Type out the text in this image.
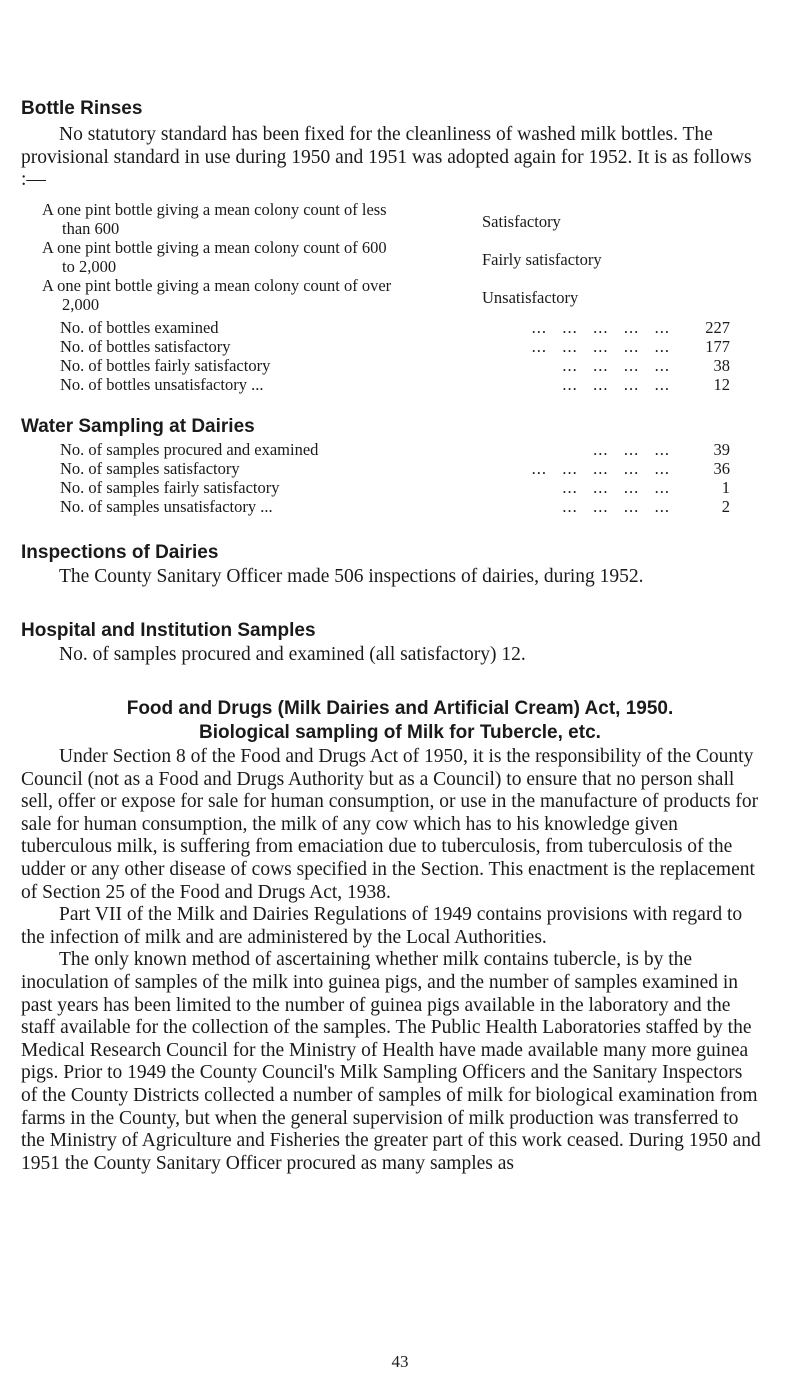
Bottle Rinses

No statutory standard has been fixed for the cleanliness of washed milk bottles. The provisional standard in use during 1950 and 1951 was adopted again for 1952. It is as follows :—

A one pint bottle giving a mean colony count of less
than 600	Satisfactory
A one pint bottle giving a mean colony count of 600
to 2,000	Fairly satisfactory
A one pint bottle giving a mean colony count of over
2,000	Unsatisfactory
No. of bottles examined	...   ...   ...   ...   ...	227
No. of bottles satisfactory	...   ...   ...   ...   ...	177
No. of bottles fairly satisfactory	...   ...   ...   ...	38
No. of bottles unsatisfactory ...	...   ...   ...   ...	12
Water Sampling at Dairies
No. of samples procured and examined	...   ...   ...	39
No. of samples satisfactory	...   ...   ...   ...   ...	36
No. of samples fairly satisfactory	...   ...   ...   ...	1
No. of samples unsatisfactory ...	...   ...   ...   ...	2
Inspections of Dairies

The County Sanitary Officer made 506 inspections of dairies, during 1952.

Hospital and Institution Samples

No. of samples procured and examined (all satisfactory) 12.

Food and Drugs (Milk Dairies and Artificial Cream) Act, 1950.
Biological sampling of Milk for Tubercle, etc.

Under Section 8 of the Food and Drugs Act of 1950, it is the responsibility of the County Council (not as a Food and Drugs Authority but as a Council) to ensure that no person shall sell, offer or expose for sale for human consumption, or use in the manufacture of products for sale for human consumption, the milk of any cow which has to his knowledge given tuberculous milk, is suffering from emaciation due to tuberculosis, from tuberculosis of the udder or any other disease of cows specified in the Section. This enactment is the replacement of Section 25 of the Food and Drugs Act, 1938.

Part VII of the Milk and Dairies Regulations of 1949 contains provisions with regard to the infection of milk and are administered by the Local Authorities.

The only known method of ascertaining whether milk contains tubercle, is by the inoculation of samples of the milk into guinea pigs, and the number of samples examined in past years has been limited to the number of guinea pigs available in the laboratory and the staff available for the collection of the samples. The Public Health Laboratories staffed by the Medical Research Council for the Ministry of Health have made available many more guinea pigs. Prior to 1949 the County Council's Milk Sampling Officers and the Sanitary Inspectors of the County Districts collected a number of samples of milk for biological examination from farms in the County, but when the general supervision of milk production was transferred to the Ministry of Agriculture and Fisheries the greater part of this work ceased. During 1950 and 1951 the County Sanitary Officer procured as many samples as

43
